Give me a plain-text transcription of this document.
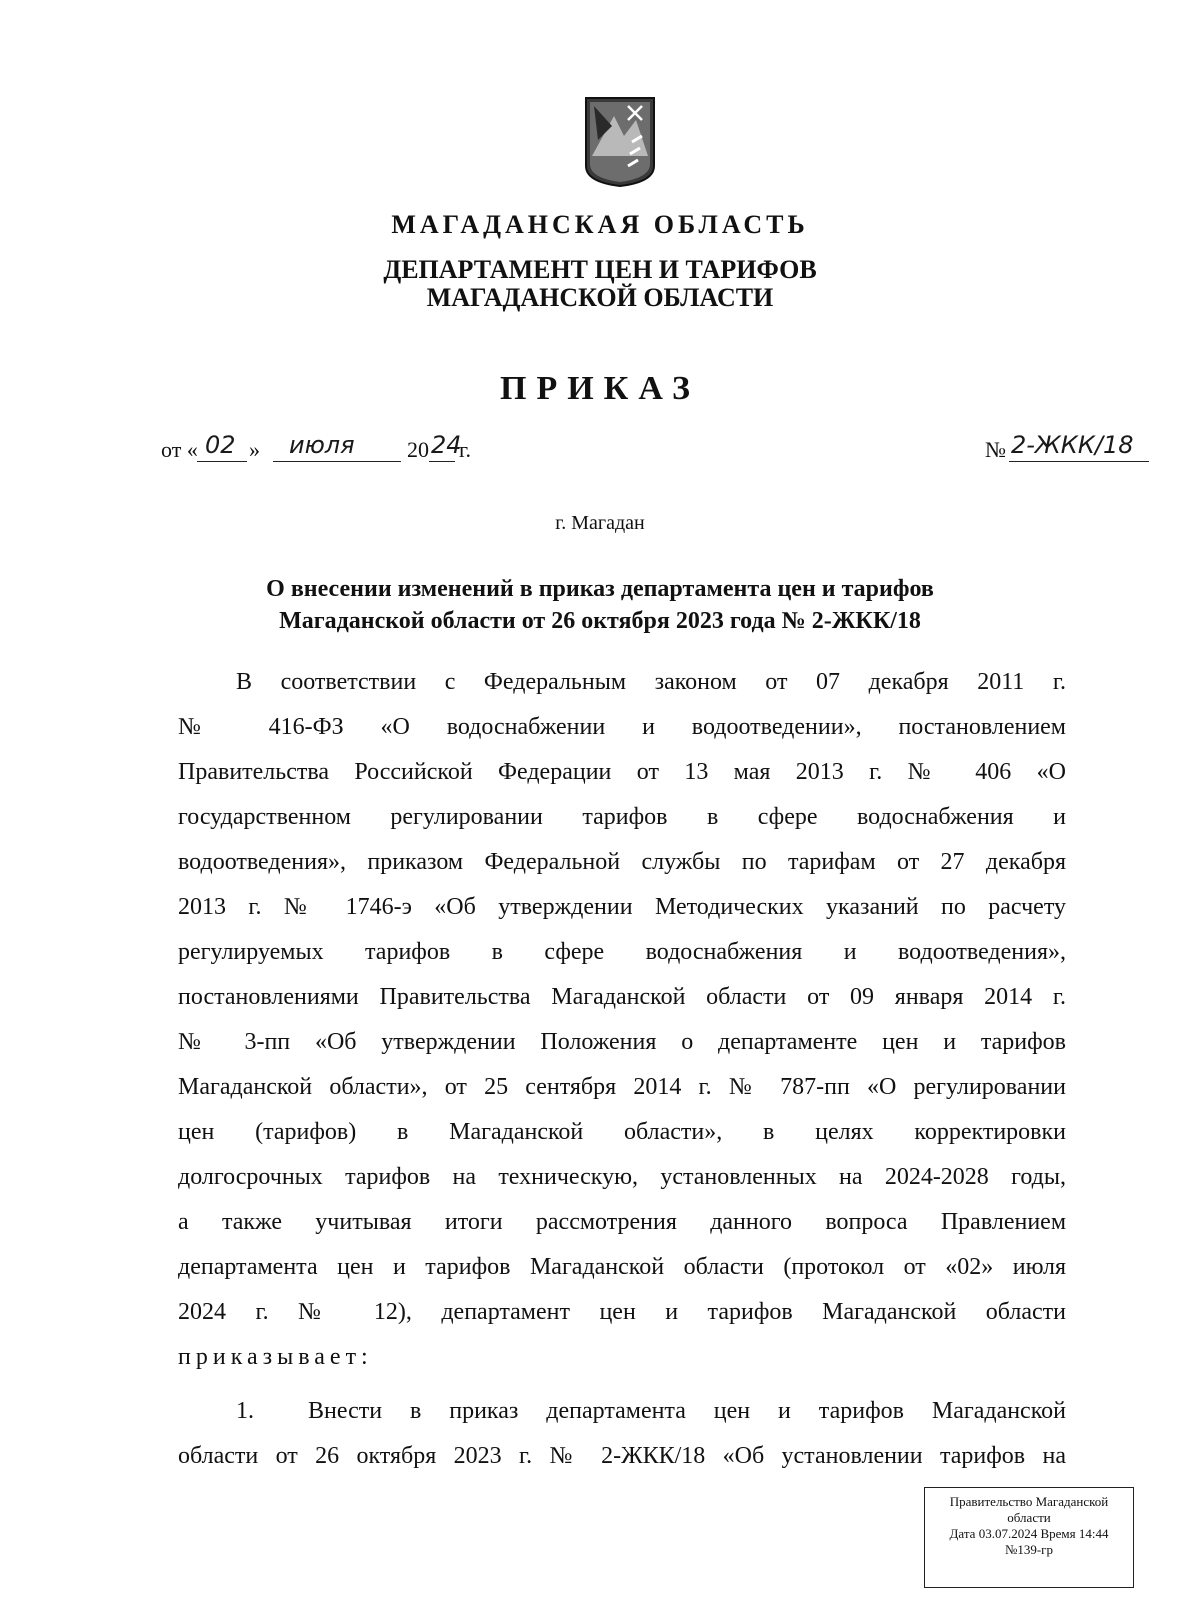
МАГАДАНСКАЯ ОБЛАСТЬ
ДЕПАРТАМЕНТ ЦЕН И ТАРИФОВ
МАГАДАНСКОЙ ОБЛАСТИ
ПРИКАЗ
от « 02 » июля 20 24
г.	№ 2-ЖКК/18
г. Магадан
О внесении изменений в приказ департамента цен и тарифов
Магаданской области от 26 октября 2023 года № 2-ЖКК/18
В соответствии с Федеральным законом от 07 декабря 2011 г.
№ 416-ФЗ «О водоснабжении и водоотведении», постановлением
Правительства Российской Федерации от 13 мая 2013 г. № 406 «О
государственном регулировании тарифов в сфере водоснабжения и
водоотведения», приказом Федеральной службы по тарифам от 27 декабря
2013 г. № 1746-э «Об утверждении Методических указаний по расчету
регулируемых тарифов в сфере водоснабжения и водоотведения»,
постановлениями Правительства Магаданской области от 09 января 2014 г.
№ 3-пп «Об утверждении Положения о департаменте цен и тарифов
Магаданской области», от 25 сентября 2014 г. № 787-пп «О регулировании
цен (тарифов) в Магаданской области», в целях корректировки
долгосрочных тарифов на техническую, установленных на 2024-2028 годы,
а также учитывая итоги рассмотрения данного вопроса Правлением
департамента цен и тарифов Магаданской области (протокол от «02» июля
2024 г. № 12), департамент цен и тарифов Магаданской области
приказывает:
1.	Внести в приказ департамента цен и тарифов Магаданской
области от 26 октября 2023 г. № 2-ЖКК/18 «Об установлении тарифов на
Правительство Магаданской
области
Дата 03.07.2024 Время 14:44
№139-гр
